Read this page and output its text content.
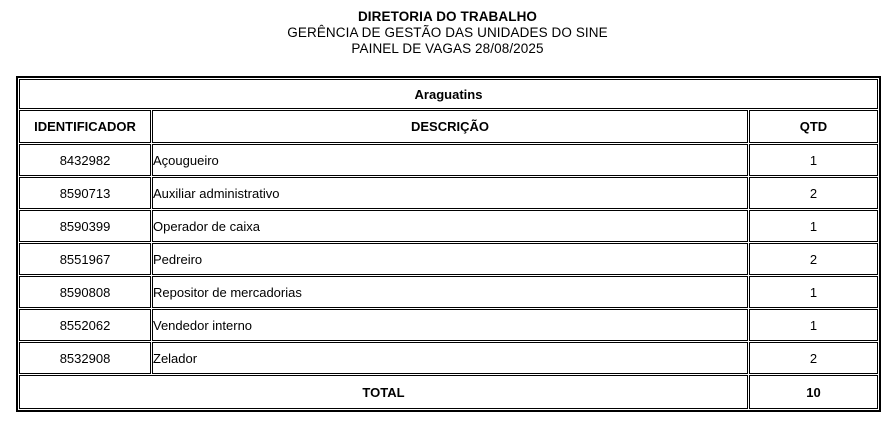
DIRETORIA DO TRABALHO
GERÊNCIA DE GESTÃO DAS UNIDADES DO SINE
PAINEL DE VAGAS 28/08/2025
Araguatins		
IDENTIFICADOR	DESCRIÇÃO	QTD
8432982	Açougueiro	1
8590713	Auxiliar administrativo	2
8590399	Operador de caixa	1
8551967	Pedreiro	2
8590808	Repositor de mercadorias	1
8552062	Vendedor interno	1
8532908	Zelador	2
TOTAL		10
